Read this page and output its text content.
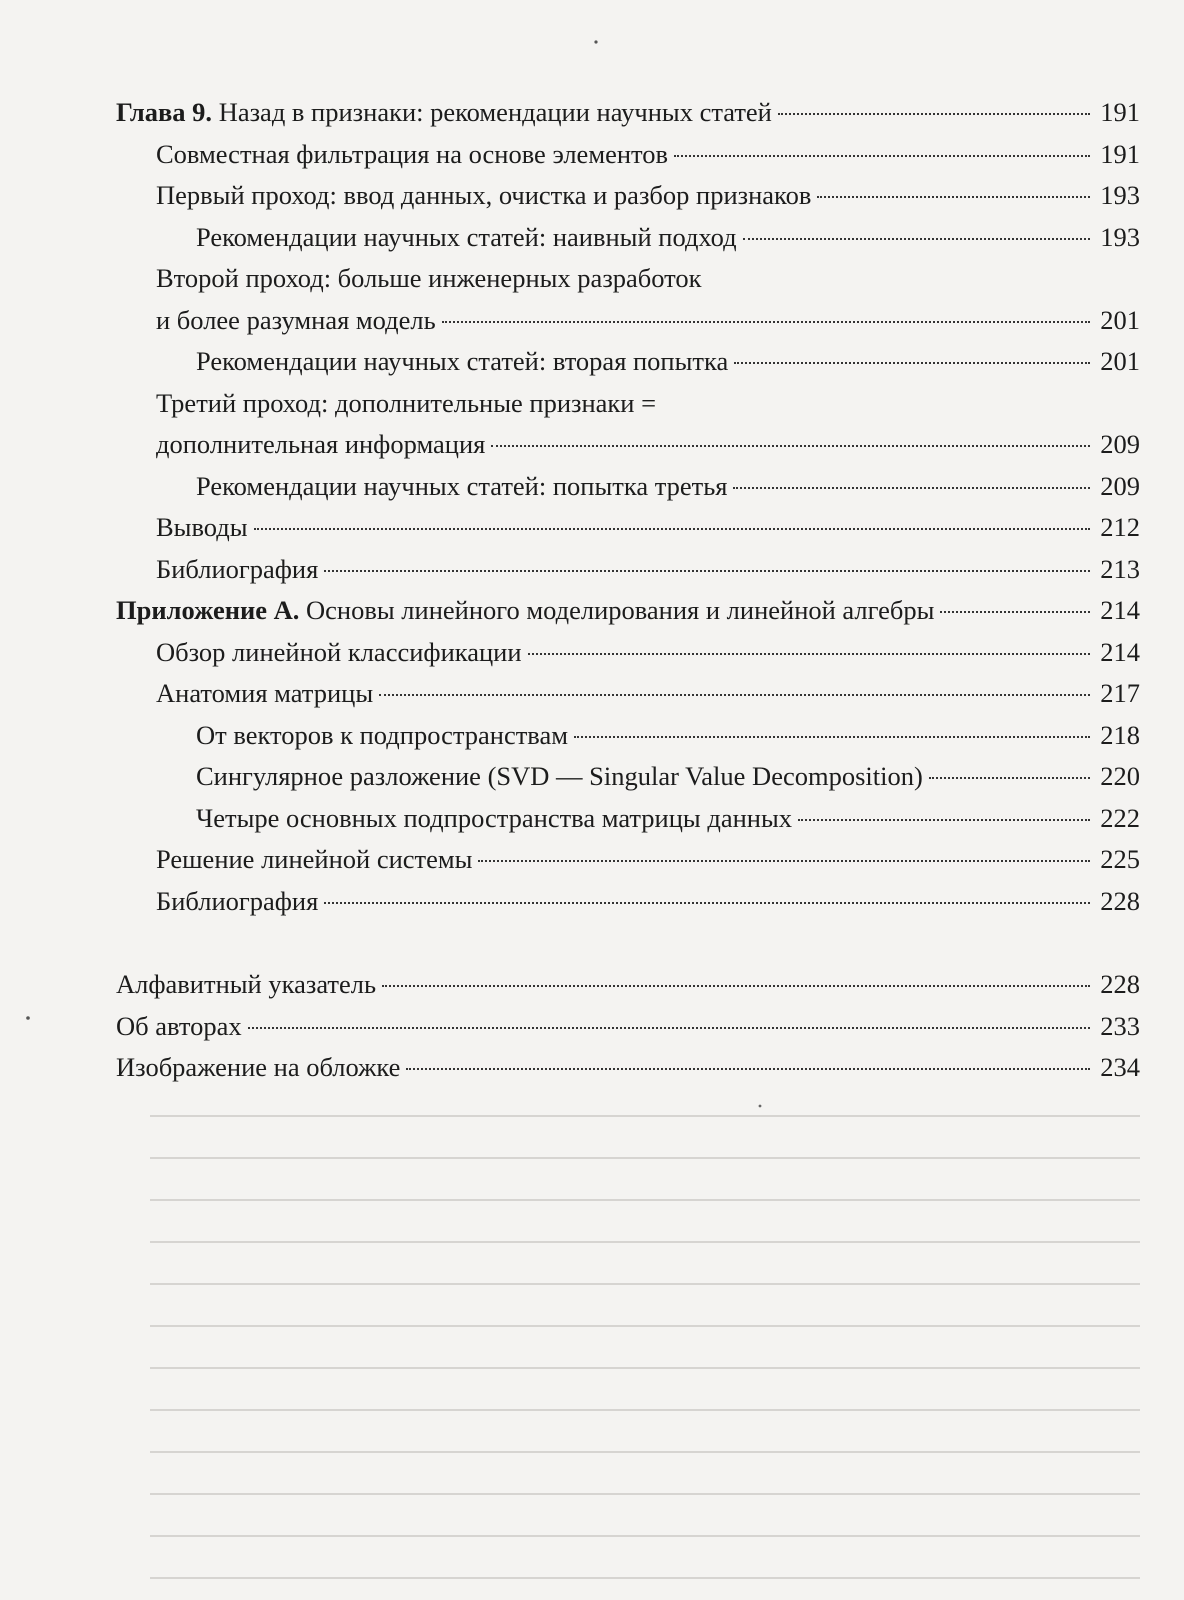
Глава 9. Назад в признаки: рекомендации научных статей	191
Совместная фильтрация на основе элементов	191
Первый проход: ввод данных, очистка и разбор признаков	193
Рекомендации научных статей: наивный подход	193
Второй проход: больше инженерных разработок
и более разумная модель	201
Рекомендации научных статей: вторая попытка	201
Третий проход: дополнительные признаки =
дополнительная информация	209
Рекомендации научных статей: попытка третья	209
Выводы	212
Библиография	213
Приложение А. Основы линейного моделирования и линейной алгебры	214
Обзор линейной классификации	214
Анатомия матрицы	217
От векторов к подпространствам	218
Сингулярное разложение (SVD — Singular Value Decomposition)	220
Четыре основных подпространства матрицы данных	222
Решение линейной системы	225
Библиография	228
Алфавитный указатель	228
Об авторах	233
Изображение на обложке	234
